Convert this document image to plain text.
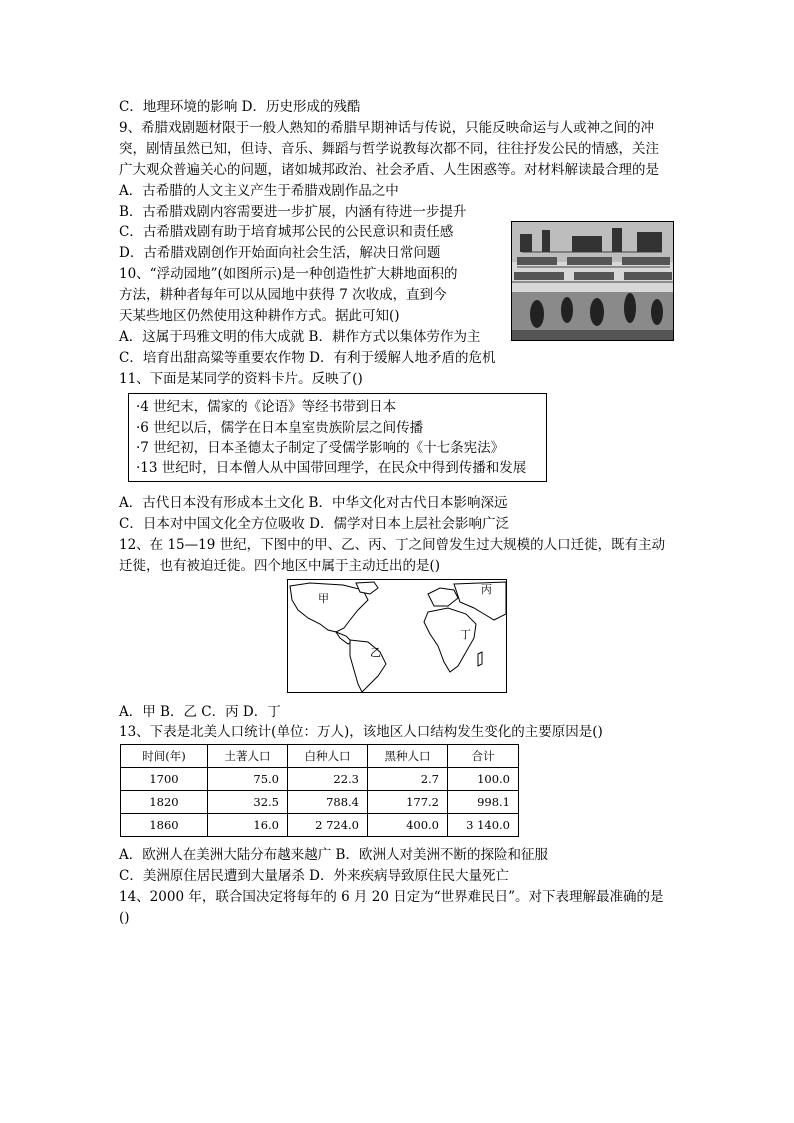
C．地理环境的影响 D．历史形成的残酷
9、希腊戏剧题材限于一般人熟知的希腊早期神话与传说，只能反映命运与人或神之间的冲
突，剧情虽然已知，但诗、音乐、舞蹈与哲学说教每次都不同，往往抒发公民的情感，关注
广大观众普遍关心的问题，诸如城邦政治、社会矛盾、人生困惑等。对材料解读最合理的是
A．古希腊的人文主义产生于希腊戏剧作品之中
B．古希腊戏剧内容需要进一步扩展，内涵有待进一步提升
C．古希腊戏剧有助于培育城邦公民的公民意识和责任感
D．古希腊戏剧创作开始面向社会生活，解决日常问题
10、“浮动园地”(如图所示)是一种创造性扩大耕地面积的
方法，耕种者每年可以从园地中获得 7 次收成，直到今
天某些地区仍然使用这种耕作方式。据此可知()
A．这属于玛雅文明的伟大成就 B．耕作方式以集体劳作为主
C．培育出甜高粱等重要农作物 D．有利于缓解人地矛盾的危机
11、下面是某同学的资料卡片。反映了()
·4 世纪末，儒家的《论语》等经书带到日本
·6 世纪以后，儒学在日本皇室贵族阶层之间传播
·7 世纪初，日本圣德太子制定了受儒学影响的《十七条宪法》
·13 世纪时，日本僧人从中国带回理学，在民众中得到传播和发展
A．古代日本没有形成本土文化 B．中华文化对古代日本影响深远
C．日本对中国文化全方位吸收 D．儒学对日本上层社会影响广泛
12、在 15—19 世纪，下图中的甲、乙、丙、丁之间曾发生过大规模的人口迁徙，既有主动
迁徙，也有被迫迁徙。四个地区中属于主动迁出的是()
甲
乙
丙
丁
A．甲 B．乙 C．丙 D．丁
13、下表是北美人口统计(单位：万人)，该地区人口结构发生变化的主要原因是()
时间(年)	土著人口	白种人口	黑种人口	合计
1700	75.0	22.3	2.7	100.0
1820	32.5	788.4	177.2	998.1
1860	16.0	2 724.0	400.0	3 140.0
A．欧洲人在美洲大陆分布越来越广 B．欧洲人对美洲不断的探险和征服
C．美洲原住居民遭到大量屠杀 D．外来疾病导致原住民大量死亡
14、2000 年，联合国决定将每年的 6 月 20 日定为“世界难民日”。对下表理解最准确的是
()
